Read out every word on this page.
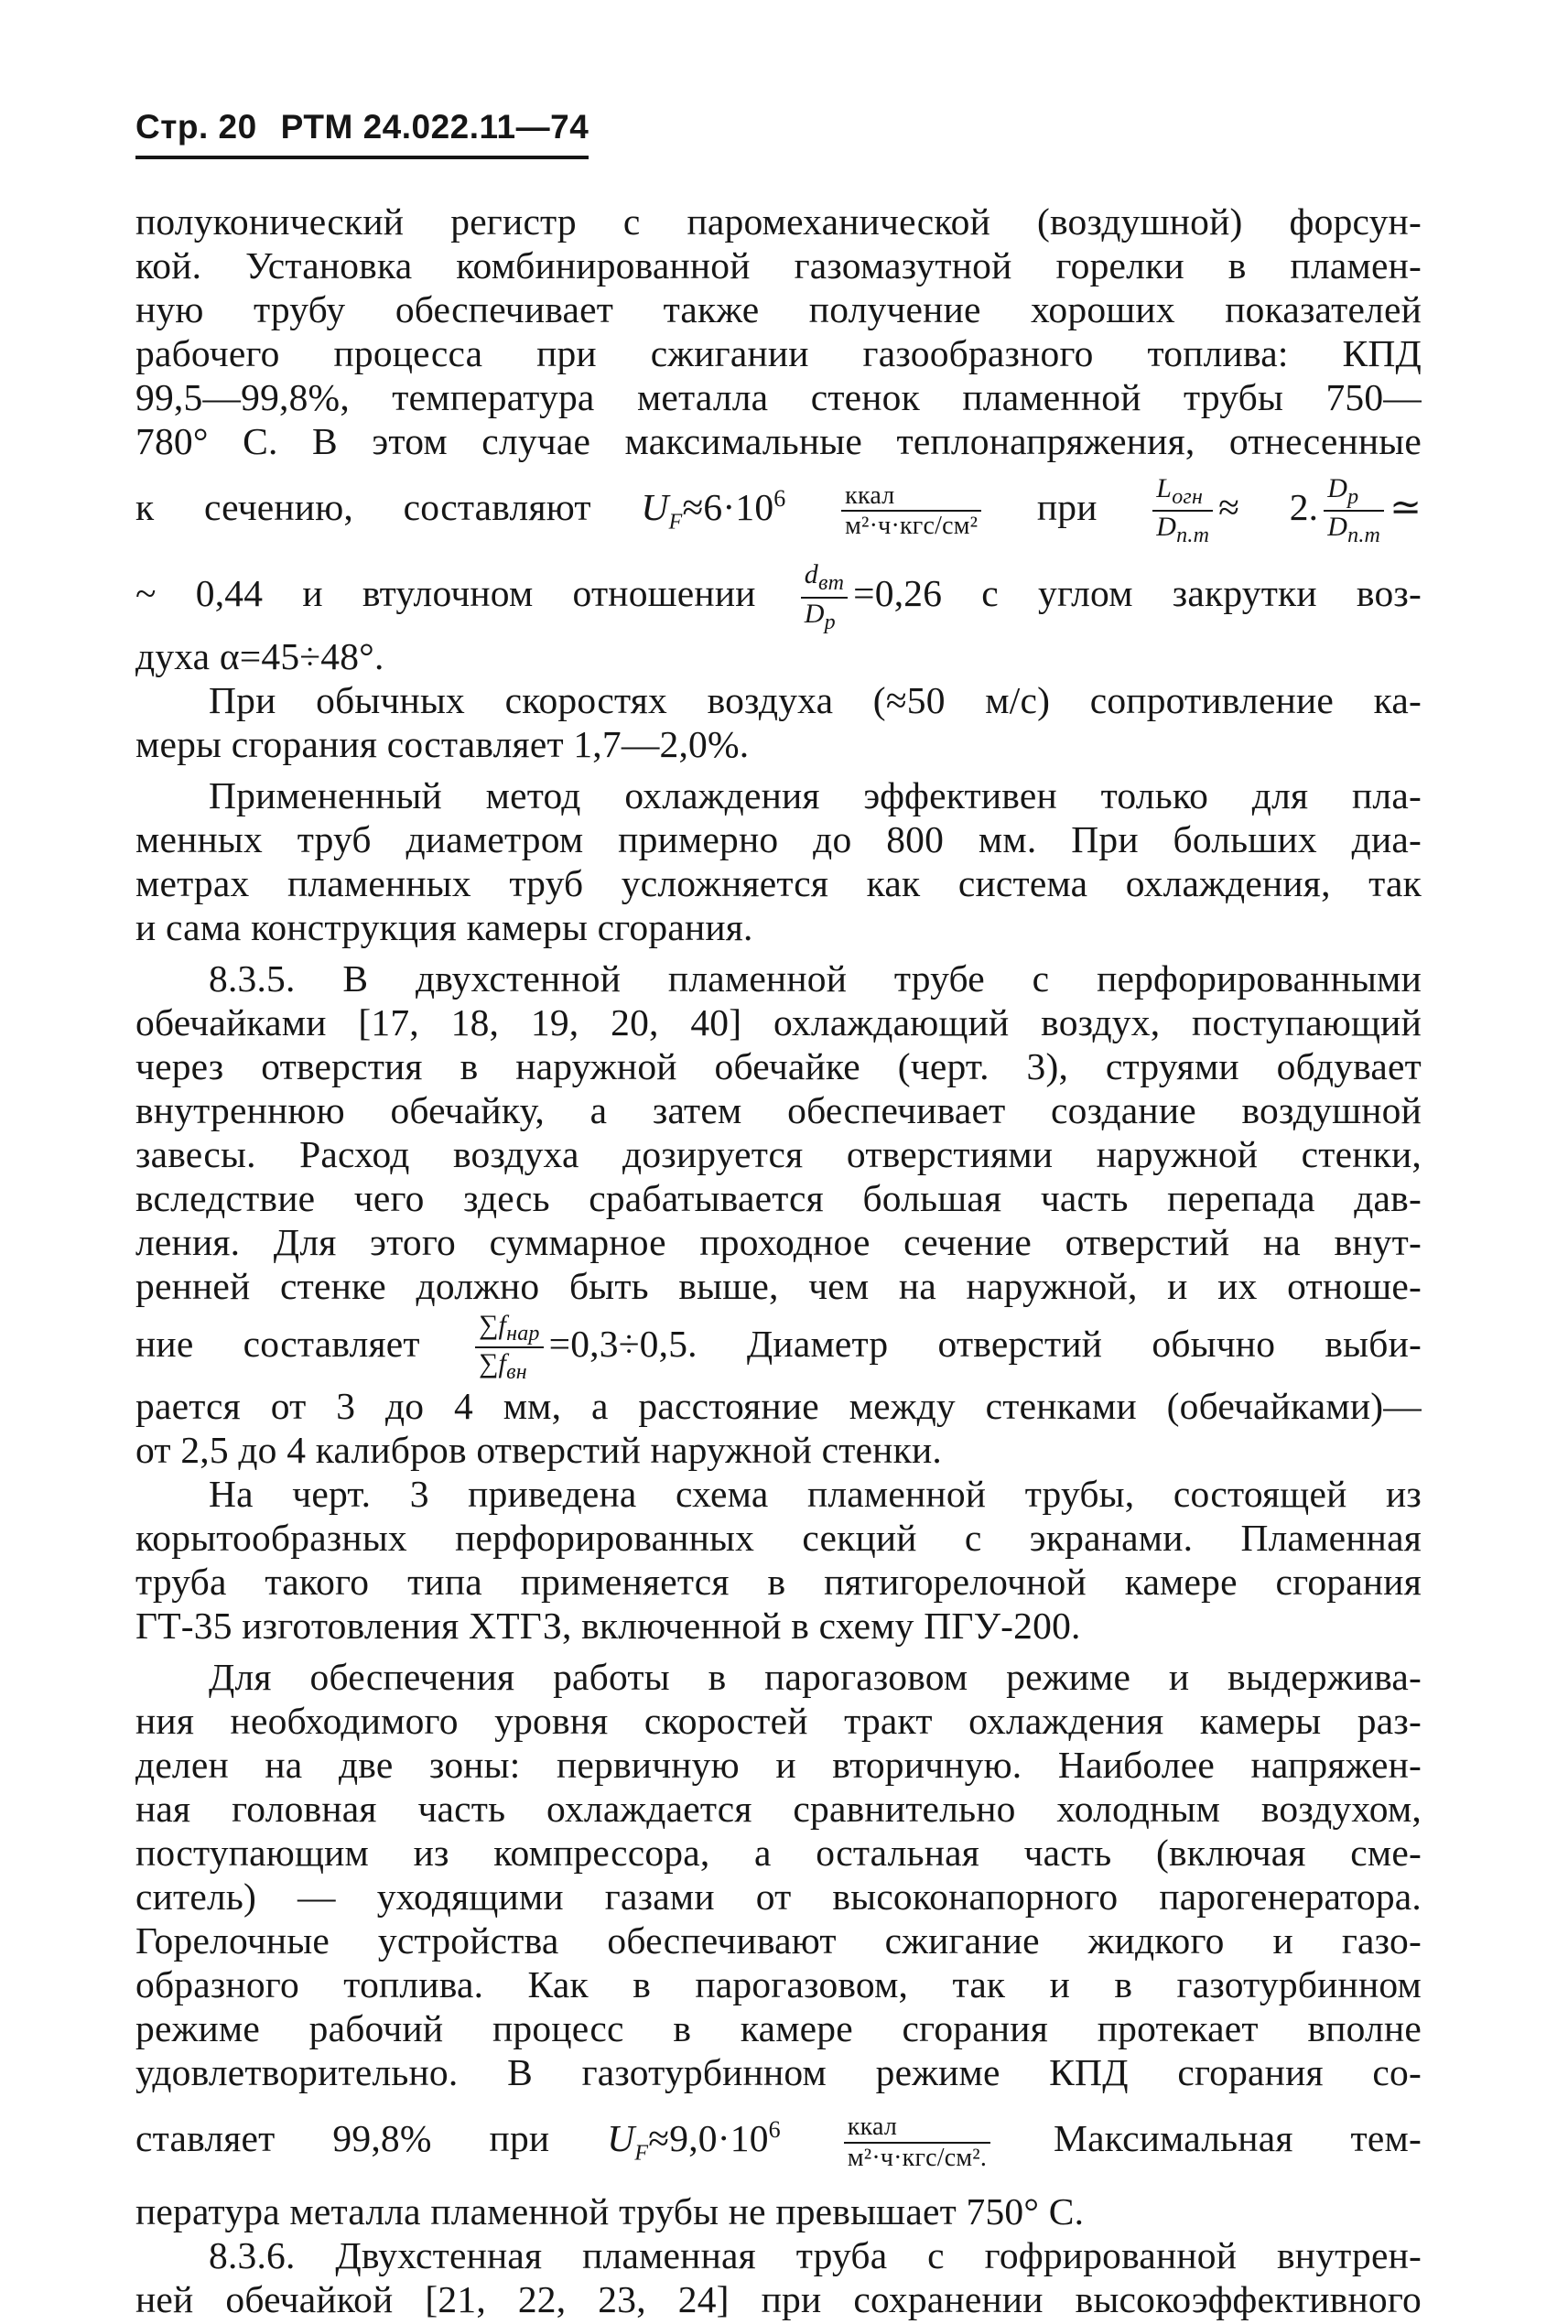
Стр. 20 РТМ 24.022.11—74
полуконический регистр с паромеханической (воздушной) форсун-
кой. Установка комбинированной газомазутной горелки в пламен-
ную трубу обеспечивает также получение хороших показателей
рабочего процесса при сжигании газообразного топлива: КПД
99,5—99,8%, температура металла стенок пламенной трубы 750—
780° С. В этом случае максимальные теплонапряжения, отнесенные
к сечению, составляют $U_F\approx 6\cdot 10^6 \frac{\text{ккал}}{\text{м²·ч·кгс/см²}}$ при $\frac{L_{огн}}{D_{п.т}} \approx 2$. $\frac{D_р}{D_{п.т}}$ ≃
~ 0,44 и втулочном отношении $\frac{d_{вт}}{D_р} =0,26$ с углом закрутки воз-
духа α=45÷48°.
При обычных скоростях воздуха (≈50 м/с) сопротивление ка-
меры сгорания составляет 1,7—2,0%.
Примененный метод охлаждения эффективен только для пла-
менных труб диаметром примерно до 800 мм. При больших диа-
метрах пламенных труб усложняется как система охлаждения, так
и сама конструкция камеры сгорания.
8.3.5. В двухстенной пламенной трубе с перфорированными
обечайками [17, 18, 19, 20, 40] охлаждающий воздух, поступающий
через отверстия в наружной обечайке (черт. 3), струями обдувает
внутреннюю обечайку, а затем обеспечивает создание воздушной
завесы. Расход воздуха дозируется отверстиями наружной стенки,
вследствие чего здесь срабатывается большая часть перепада дав-
ления. Для этого суммарное проходное сечение отверстий на внут-
ренней стенке должно быть выше, чем на наружной, и их отноше-
ние составляет $\frac{\sum f_{нар}}{\sum f_{вн}} =0,3\div 0,5$. Диаметр отверстий обычно выби-
рается от 3 до 4 мм, а расстояние между стенками (обечайками)—
от 2,5 до 4 калибров отверстий наружной стенки.
На черт. 3 приведена схема пламенной трубы, состоящей из
корытообразных перфорированных секций с экранами. Пламенная
труба такого типа применяется в пятигорелочной камере сгорания
ГТ-35 изготовления ХТГЗ, включенной в схему ПГУ-200.
Для обеспечения работы в парогазовом режиме и выдержива-
ния необходимого уровня скоростей тракт охлаждения камеры раз-
делен на две зоны: первичную и вторичную. Наиболее напряжен-
ная головная часть охлаждается сравнительно холодным воздухом,
поступающим из компрессора, а остальная часть (включая сме-
ситель) — уходящими газами от высоконапорного парогенератора.
Горелочные устройства обеспечивают сжигание жидкого и газо-
образного топлива. Как в парогазовом, так и в газотурбинном
режиме рабочий процесс в камере сгорания протекает вполне
удовлетворительно. В газотурбинном режиме КПД сгорания со-
ставляет 99,8% при $U_F\approx 9,0\cdot 10^6 \frac{\text{ккал}}{\text{м²·ч·кгс/см².}}$ Максимальная тем-
пература металла пламенной трубы не превышает 750° С.
8.3.6. Двухстенная пламенная труба с гофрированной внутрен-
ней обечайкой [21, 22, 23, 24] при сохранении высокоэффективного
